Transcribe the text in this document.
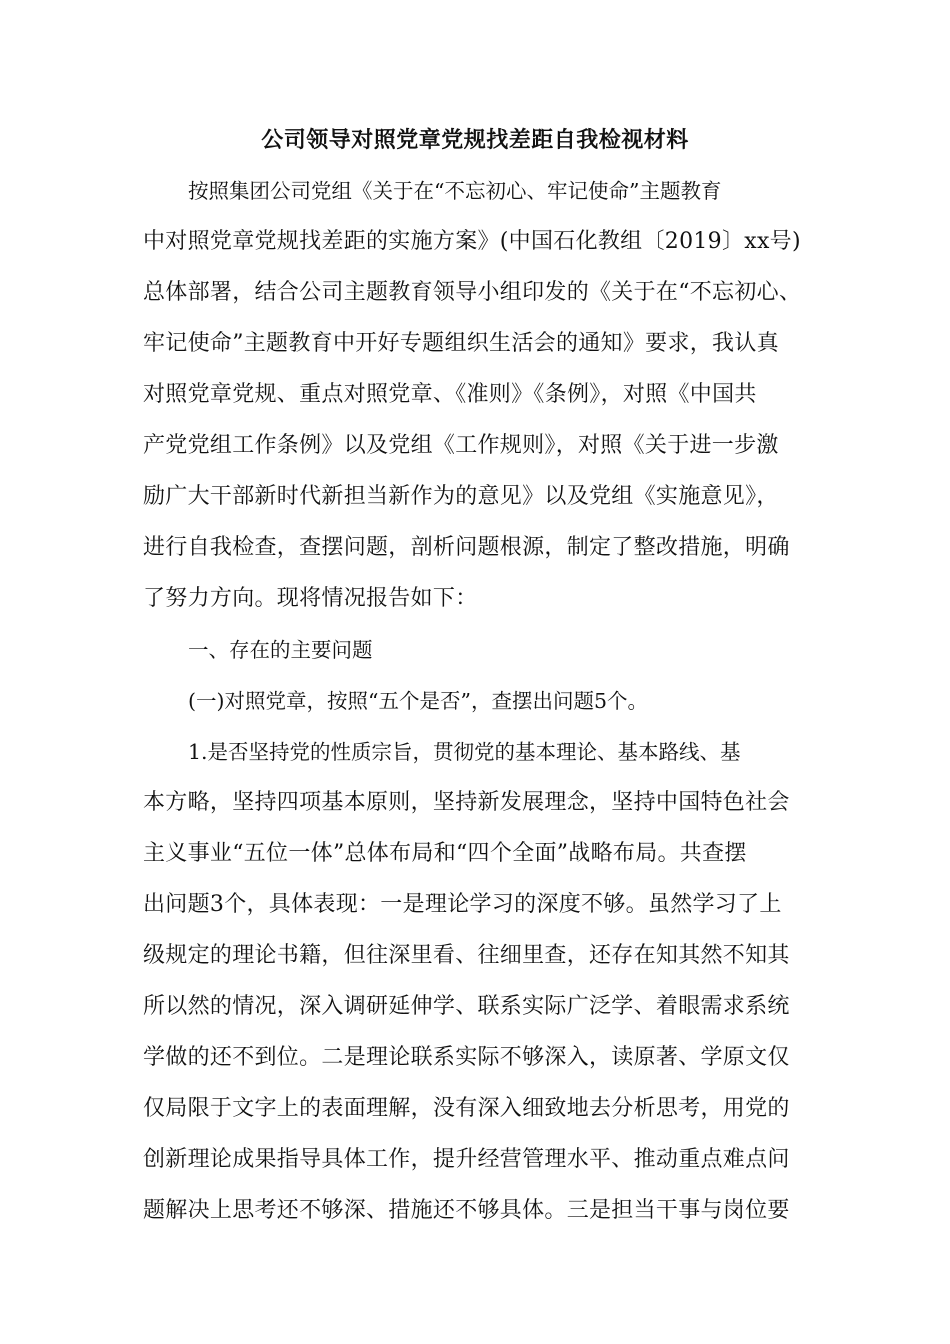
公司领导对照党章党规找差距自我检视材料
按照集团公司党组《关于在“不忘初心、牢记使命”主题教育
中对照党章党规找差距的实施方案》(中国石化教组〔2019〕xx号)
总体部署，结合公司主题教育领导小组印发的《关于在“不忘初心、
牢记使命”主题教育中开好专题组织生活会的通知》要求，我认真
对照党章党规、重点对照党章、《准则》《条例》，对照《中国共
产党党组工作条例》以及党组《工作规则》，对照《关于进一步激
励广大干部新时代新担当新作为的意见》以及党组《实施意见》，
进行自我检查，查摆问题，剖析问题根源，制定了整改措施，明确
了努力方向。现将情况报告如下：
一、存在的主要问题
(一)对照党章，按照“五个是否”，查摆出问题5个。
1.是否坚持党的性质宗旨，贯彻党的基本理论、基本路线、基
本方略，坚持四项基本原则，坚持新发展理念，坚持中国特色社会
主义事业“五位一体”总体布局和“四个全面”战略布局。共查摆
出问题3个，具体表现：一是理论学习的深度不够。虽然学习了上
级规定的理论书籍，但往深里看、往细里查，还存在知其然不知其
所以然的情况，深入调研延伸学、联系实际广泛学、着眼需求系统
学做的还不到位。二是理论联系实际不够深入，读原著、学原文仅
仅局限于文字上的表面理解，没有深入细致地去分析思考，用党的
创新理论成果指导具体工作，提升经营管理水平、推动重点难点问
题解决上思考还不够深、措施还不够具体。三是担当干事与岗位要
